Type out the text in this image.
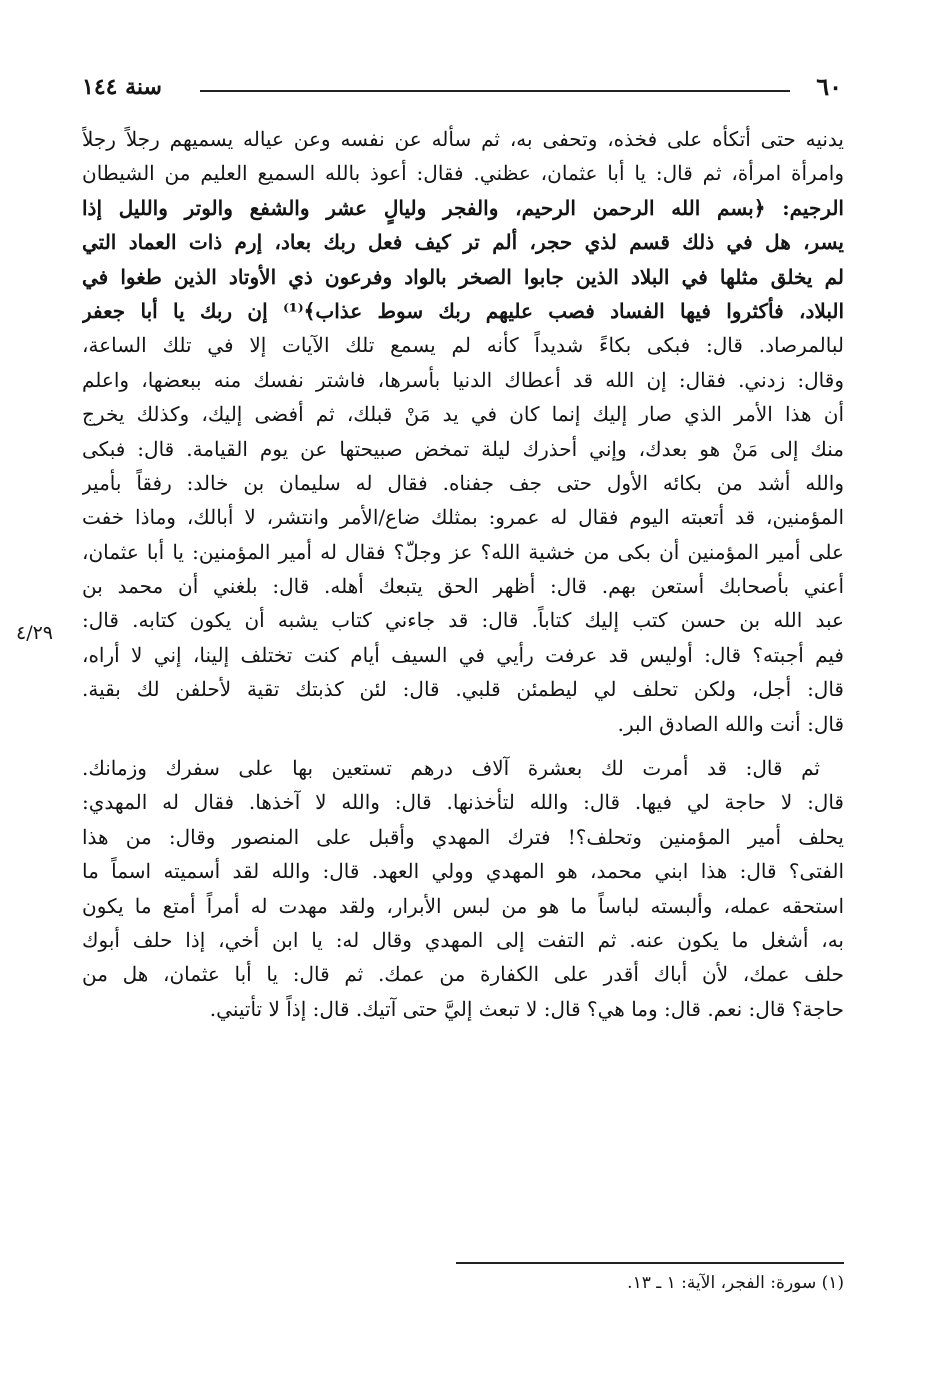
٦٠
سنة ١٤٤
٤/٢٩
يدنيه حتى أتكأه على فخذه، وتحفى به، ثم سأله عن نفسه وعن عياله يسميهم رجلاً رجلاً
وامرأة امرأة، ثم قال: يا أبا عثمان، عظني. فقال: أعوذ بالله السميع العليم من الشيطان
الرجيم: ﴿بسم الله الرحمن الرحيم، والفجر وليالٍ عشر والشفع والوتر والليل إذا
يسر، هل في ذلك قسم لذي حجر، ألم تر كيف فعل ربك بعاد، إرم ذات العماد التي
لم يخلق مثلها في البلاد الذين جابوا الصخر بالواد وفرعون ذي الأوتاد الذين طغوا في
البلاد، فأكثروا فيها الفساد فصب عليهم ربك سوط عذاب﴾⁽¹⁾ إن ربك يا أبا جعفر
لبالمرصاد. قال: فبكى بكاءً شديداً كأنه لم يسمع تلك الآيات إلا في تلك الساعة،
وقال: زدني. فقال: إن الله قد أعطاك الدنيا بأسرها، فاشتر نفسك منه ببعضها، واعلم
أن هذا الأمر الذي صار إليك إنما كان في يد مَنْ قبلك، ثم أفضى إليك، وكذلك يخرج
منك إلى مَنْ هو بعدك، وإني أحذرك ليلة تمخض صبيحتها عن يوم القيامة. قال: فبكى
والله أشد من بكائه الأول حتى جف جفناه. فقال له سليمان بن خالد: رفقاً بأمير
المؤمنين، قد أتعبته اليوم فقال له عمرو: بمثلك ضاع/الأمر وانتشر، لا أبالك، وماذا خفت
على أمير المؤمنين أن بكى من خشية الله؟ عز وجلّ؟ فقال له أمير المؤمنين: يا أبا عثمان،
أعني بأصحابك أستعن بهم. قال: أظهر الحق يتبعك أهله. قال: بلغني أن محمد بن
عبد الله بن حسن كتب إليك كتاباً. قال: قد جاءني كتاب يشبه أن يكون كتابه. قال:
فيم أجبته؟ قال: أوليس قد عرفت رأيي في السيف أيام كنت تختلف إلينا، إني لا أراه،
قال: أجل، ولكن تحلف لي ليطمئن قلبي. قال: لئن كذبتك تقية لأحلفن لك بقية.
قال: أنت والله الصادق البر.
ثم قال: قد أمرت لك بعشرة آلاف درهم تستعين بها على سفرك وزمانك.
قال: لا حاجة لي فيها. قال: والله لتأخذنها. قال: والله لا آخذها. فقال له المهدي:
يحلف أمير المؤمنين وتحلف؟! فترك المهدي وأقبل على المنصور وقال: من هذا
الفتى؟ قال: هذا ابني محمد، هو المهدي وولي العهد. قال: والله لقد أسميته اسماً ما
استحقه عمله، وألبسته لباساً ما هو من لبس الأبرار، ولقد مهدت له أمراً أمتع ما يكون
به، أشغل ما يكون عنه. ثم التفت إلى المهدي وقال له: يا ابن أخي، إذا حلف أبوك
حلف عمك، لأن أباك أقدر على الكفارة من عمك. ثم قال: يا أبا عثمان، هل من
حاجة؟ قال: نعم. قال: وما هي؟ قال: لا تبعث إليَّ حتى آتيك. قال: إذاً لا تأتيني.
(١) سورة: الفجر، الآية: ١ ـ ١٣.
